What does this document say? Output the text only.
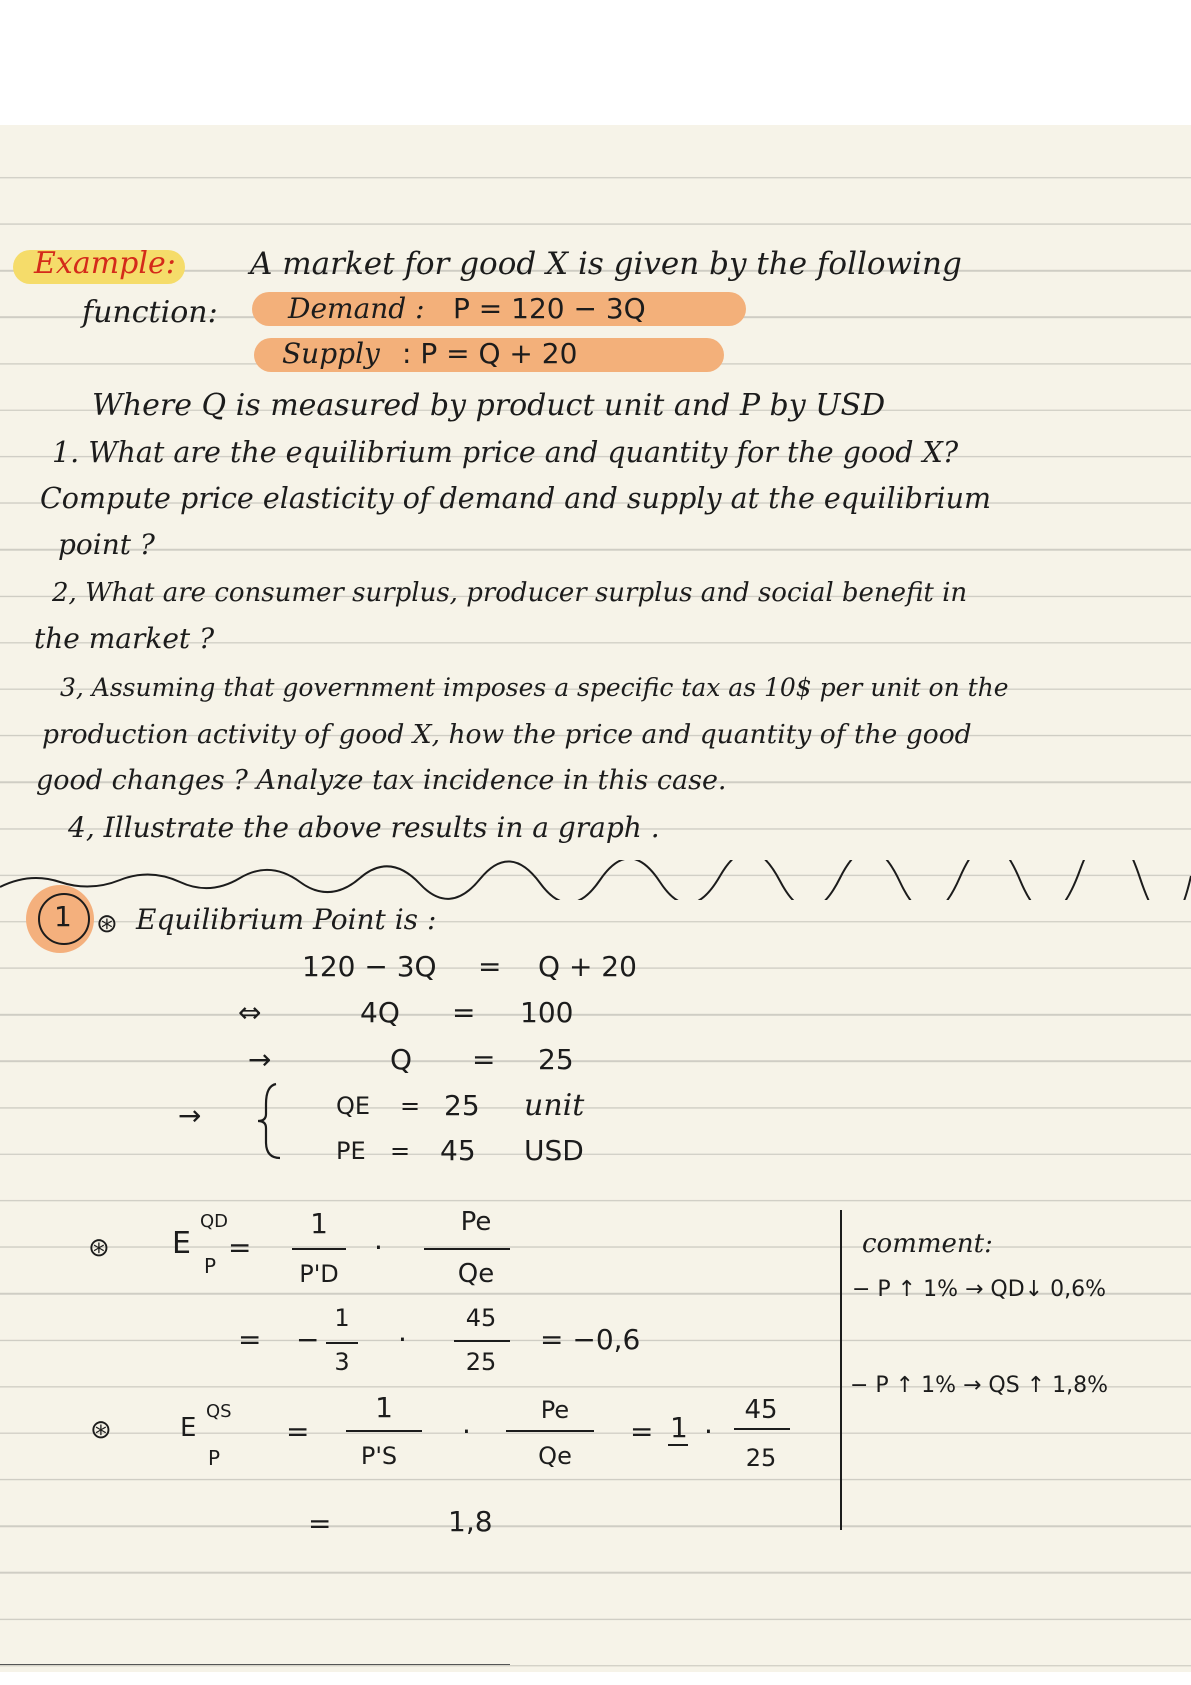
Example: A market for good X is given by the following
function:	Demand : P = 120 − 3Q
Supply : P = Q + 20
Where Q is measured by product unit and P by USD
1. What are the equilibrium price and quantity for the good X?
Compute price elasticity of demand and supply at the equilibrium
point ?
2, What are consumer surplus, producer surplus and social benefit in
the market ?
3, Assuming that government imposes a specific tax as 10$ per unit on the
production activity of good X, how the price and quantity of the good
good changes ? Analyze tax incidence in this case.
4, Illustrate the above results in a graph .
1 ⊛ Equilibrium Point is :
120 − 3Q = Q + 20
⇔	4Q = 100
→	Q = 25
→	QE = 25 unit
PE = 45 USD
⊛ E
QD
P
=
1
P'D
·
Pe
Qe
= −
1
3
·
45
25
= −0,6
⊛	E
QS
P
=
1
P'S
·
Pe
Qe
= 1 ·
45
25
=	1,8
comment:
− P ↑ 1% → QD↓ 0,6%
− P ↑ 1% → QS ↑ 1,8%
